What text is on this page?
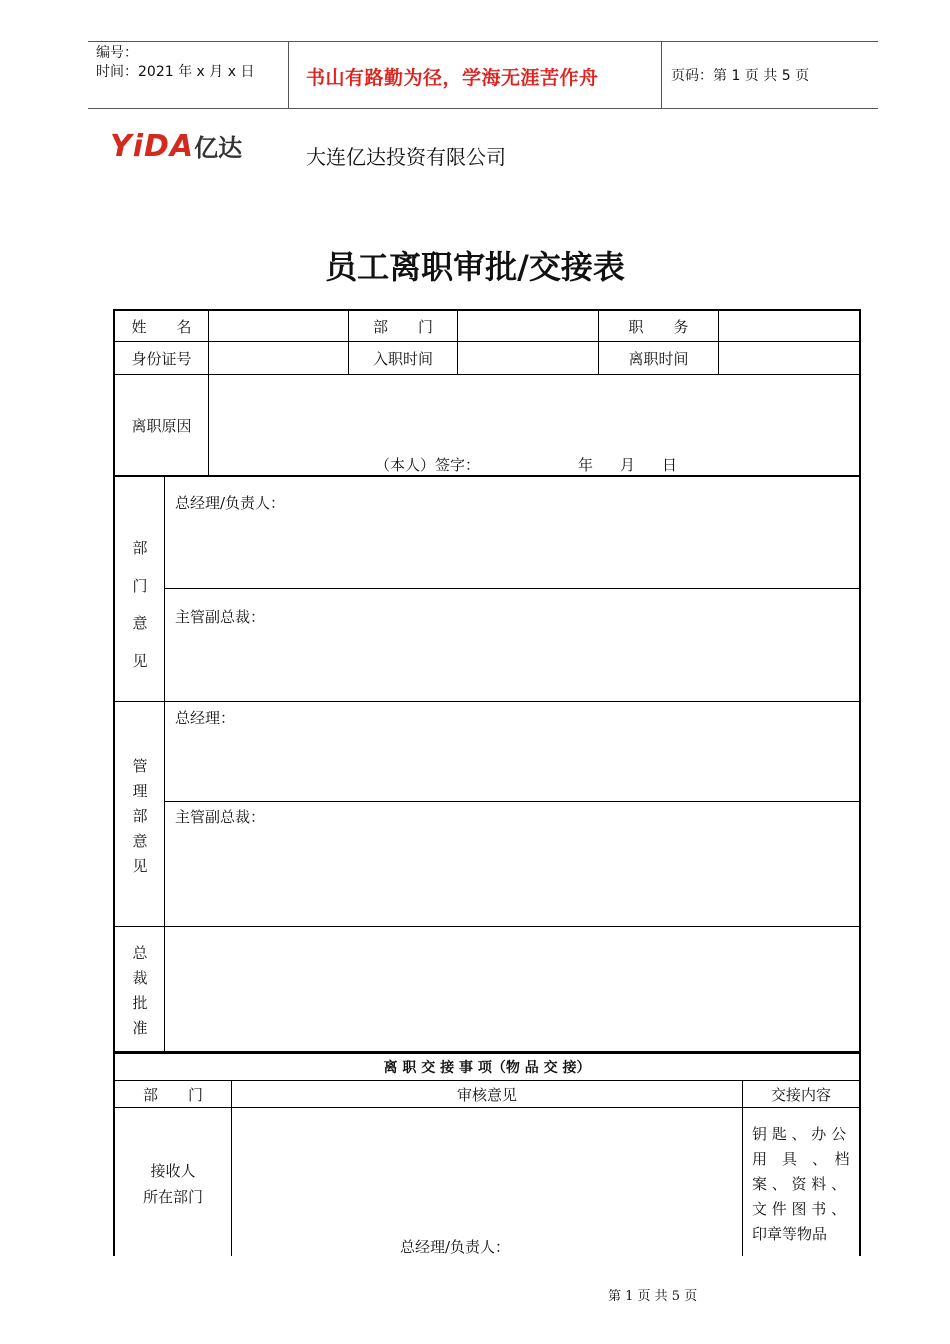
编号：
时间：2021 年 x 月 x 日	书山有路勤为径，学海无涯苦作舟	页码：第 1 页 共 5 页
YiDA 亿达	大连亿达投资有限公司
员工离职审批/交接表
姓　　名	部　　门	职　　务
身份证号	入职时间	离职时间
离职原因
（本人）签字：	年 月 日
部
门
意
见
总经理/负责人：
主管副总裁：
管
理
部
意
见
总经理：
主管副总裁：
总
裁
批
准
离 职 交 接 事 项（物 品 交 接）
部　　门	审核意见	交接内容
接收人
所在部门
总经理/负责人：
钥 匙 、 办 公
用　具　、　档
案 、 资 料 、
文 件 图 书 、
印章等物品
第 1 页 共 5 页
